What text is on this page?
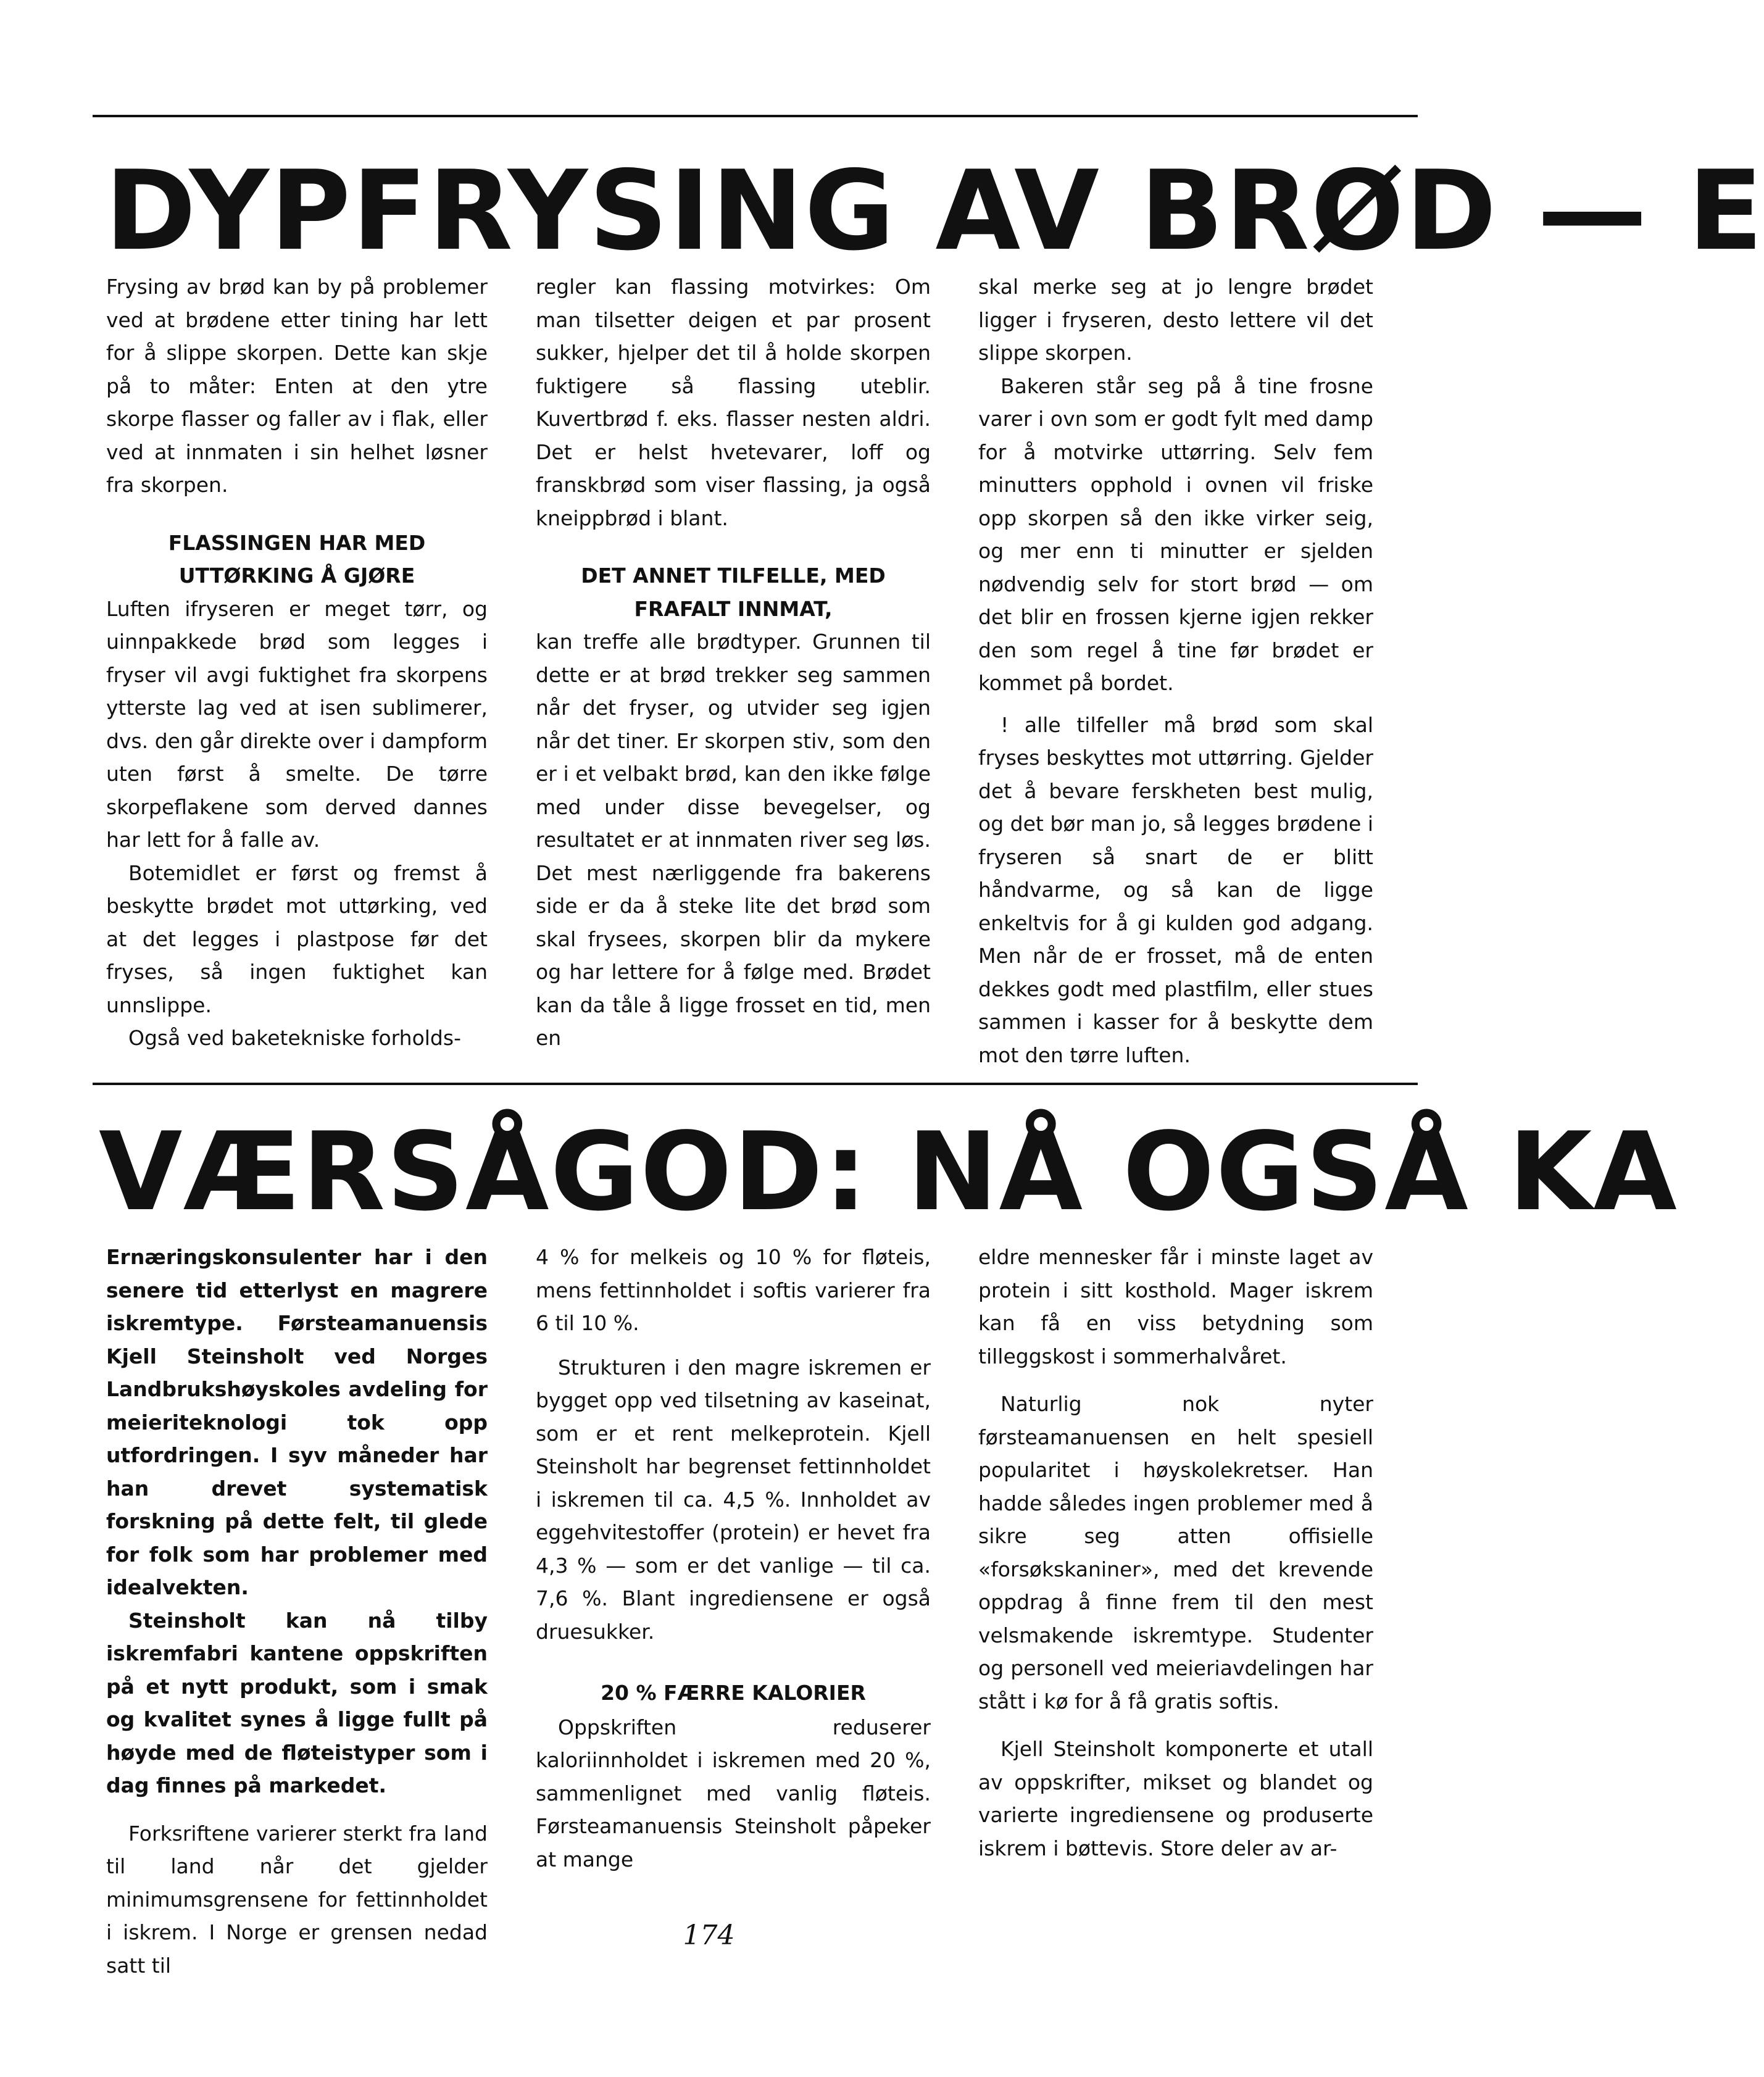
DYPFRYSING AV BRØD — E

Frysing av brød kan by på problemer ved at brødene etter tining har lett for å slippe skorpen. Dette kan skje på to måter: Enten at den ytre skorpe flasser og faller av i flak, eller ved at innmaten i sin helhet løsner fra skorpen.

FLASSINGEN HAR MED
UTTØRKING Å GJØRE

Luften ifryseren er meget tørr, og uinnpakkede brød som legges i fryser vil avgi fuktighet fra skorpens ytterste lag ved at isen sublimerer, dvs. den går direkte over i dampform uten først å smelte. De tørre skorpeflakene som derved dannes har lett for å falle av.

Botemidlet er først og fremst å beskytte brødet mot uttørking, ved at det legges i plastpose før det fryses, så ingen fuktighet kan unnslippe.

Også ved baketekniske forholds-

regler kan flassing motvirkes: Om man tilsetter deigen et par prosent sukker, hjelper det til å holde skorpen fuktigere så flassing uteblir. Kuvertbrød f. eks. flasser nesten aldri. Det er helst hvetevarer, loff og franskbrød som viser flassing, ja også kneippbrød i blant.

DET ANNET TILFELLE, MED
FRAFALT INNMAT,

kan treffe alle brødtyper. Grunnen til dette er at brød trekker seg sammen når det fryser, og utvider seg igjen når det tiner. Er skorpen stiv, som den er i et velbakt brød, kan den ikke følge med under disse bevegelser, og resultatet er at innmaten river seg løs. Det mest nærliggende fra bakerens side er da å steke lite det brød som skal frysees, skorpen blir da mykere og har lettere for å følge med. Brødet kan da tåle å ligge frosset en tid, men en

skal merke seg at jo lengre brødet ligger i fryseren, desto lettere vil det slippe skorpen.

Bakeren står seg på å tine frosne varer i ovn som er godt fylt med damp for å motvirke uttørring. Selv fem minutters opphold i ovnen vil friske opp skorpen så den ikke virker seig, og mer enn ti minutter er sjelden nødvendig selv for stort brød — om det blir en frossen kjerne igjen rekker den som regel å tine før brødet er kommet på bordet.

! alle tilfeller må brød som skal fryses beskyttes mot uttørring. Gjelder det å bevare ferskheten best mulig, og det bør man jo, så legges brødene i fryseren så snart de er blitt håndvarme, og så kan de ligge enkeltvis for å gi kulden god adgang. Men når de er frosset, må de enten dekkes godt med plastfilm, eller stues sammen i kasser for å beskytte dem mot den tørre luften.

VÆRSÅGOD: NÅ OGSÅ KA

Ernæringskonsulenter har i den senere tid etterlyst en magrere iskremtype. Førsteamanuensis Kjell Steinsholt ved Norges Landbrukshøyskoles avdeling for meieriteknologi tok opp utfordringen. I syv måneder har han drevet systematisk forskning på dette felt, til glede for folk som har problemer med idealvekten.

Steinsholt kan nå tilby iskremfabri kantene oppskriften på et nytt produkt, som i smak og kvalitet synes å ligge fullt på høyde med de fløteistyper som i dag finnes på markedet.

Forksriftene varierer sterkt fra land til land når det gjelder minimumsgrensene for fettinnholdet i iskrem. I Norge er grensen nedad satt til

4 % for melkeis og 10 % for fløteis, mens fettinnholdet i softis varierer fra 6 til 10 %.

Strukturen i den magre iskremen er bygget opp ved tilsetning av kaseinat, som er et rent melkeprotein. Kjell Steinsholt har begrenset fettinnholdet i iskremen til ca. 4,5 %. Innholdet av eggehvitestoffer (protein) er hevet fra 4,3 % — som er det vanlige — til ca. 7,6 %. Blant ingrediensene er også druesukker.

20 % FÆRRE KALORIER

Oppskriften reduserer kaloriinnholdet i iskremen med 20 %, sammenlignet med vanlig fløteis. Førsteamanuensis Steinsholt påpeker at mange

eldre mennesker får i minste laget av protein i sitt kosthold. Mager iskrem kan få en viss betydning som tilleggskost i sommerhalvåret.

Naturlig nok nyter førsteamanuensen en helt spesiell popularitet i høyskolekretser. Han hadde således ingen problemer med å sikre seg atten offisielle «forsøkskaniner», med det krevende oppdrag å finne frem til den mest velsmakende iskremtype. Studenter og personell ved meieriavdelingen har stått i kø for å få gratis softis.

Kjell Steinsholt komponerte et utall av oppskrifter, mikset og blandet og varierte ingrediensene og produserte iskrem i bøttevis. Store deler av ar-

174
